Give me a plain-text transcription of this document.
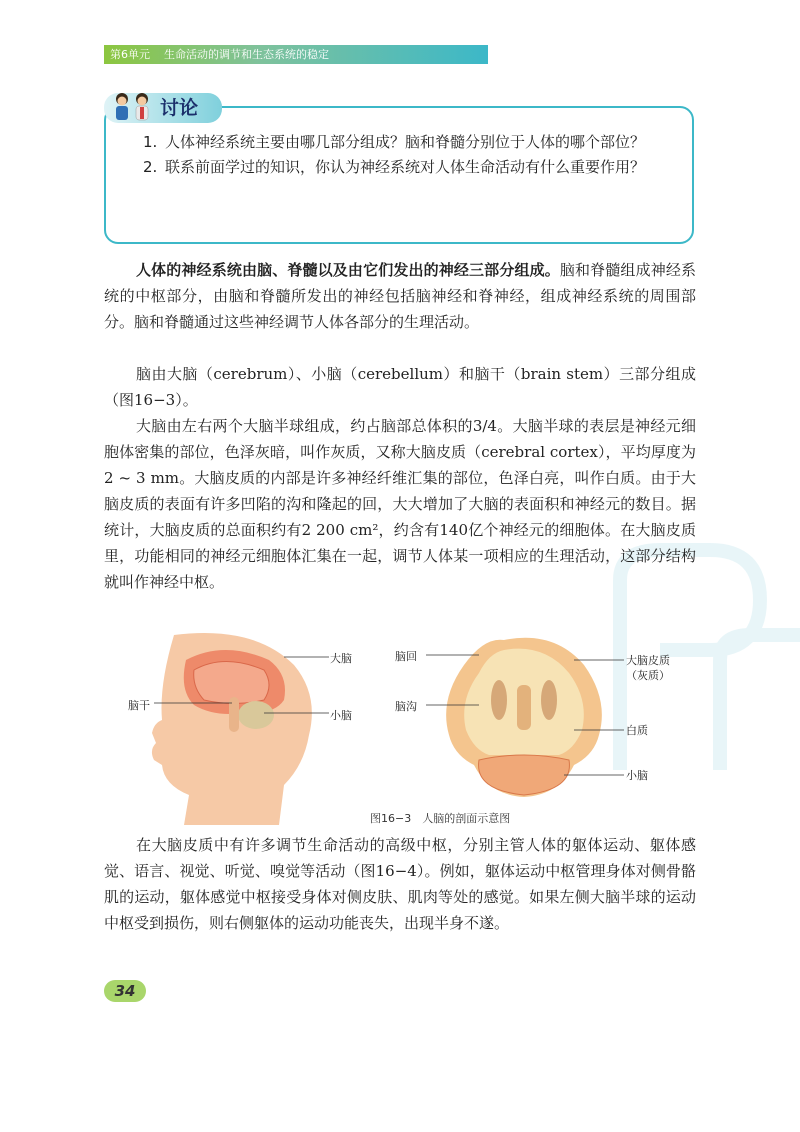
第6单元 生命活动的调节和生态系统的稳定
讨论
1. 人体神经系统主要由哪几部分组成？脑和脊髓分别位于人体的哪个部位？
2. 联系前面学过的知识，你认为神经系统对人体生命活动有什么重要作用？

人体的神经系统由脑、脊髓以及由它们发出的神经三部分组成。脑和脊髓组成神经系统的中枢部分，由脑和脊髓所发出的神经包括脑神经和脊神经，组成神经系统的周围部分。脑和脊髓通过这些神经调节人体各部分的生理活动。

脑由大脑（cerebrum）、小脑（cerebellum）和脑干（brain stem）三部分组成（图16−3）。

大脑由左右两个大脑半球组成，约占脑部总体积的3/4。大脑半球的表层是神经元细胞体密集的部位，色泽灰暗，叫作灰质，又称大脑皮质（cerebral cortex），平均厚度为2 ~ 3 mm。大脑皮质的内部是许多神经纤维汇集的部位，色泽白亮，叫作白质。由于大脑皮质的表面有许多凹陷的沟和隆起的回，大大增加了大脑的表面积和神经元的数目。据统计，大脑皮质的总面积约有2 200 cm²，约含有140亿个神经元的细胞体。在大脑皮质里，功能相同的神经元细胞体汇集在一起，调节人体某一项相应的生理活动，这部分结构就叫作神经中枢。

大脑
脑干
小脑
脑回
脑沟
大脑皮质
（灰质）
白质
小脑
图16−3　人脑的剖面示意图

在大脑皮质中有许多调节生命活动的高级中枢，分别主管人体的躯体运动、躯体感觉、语言、视觉、听觉、嗅觉等活动（图16−4）。例如，躯体运动中枢管理身体对侧骨骼肌的运动，躯体感觉中枢接受身体对侧皮肤、肌肉等处的感觉。如果左侧大脑半球的运动中枢受到损伤，则右侧躯体的运动功能丧失，出现半身不遂。

34
